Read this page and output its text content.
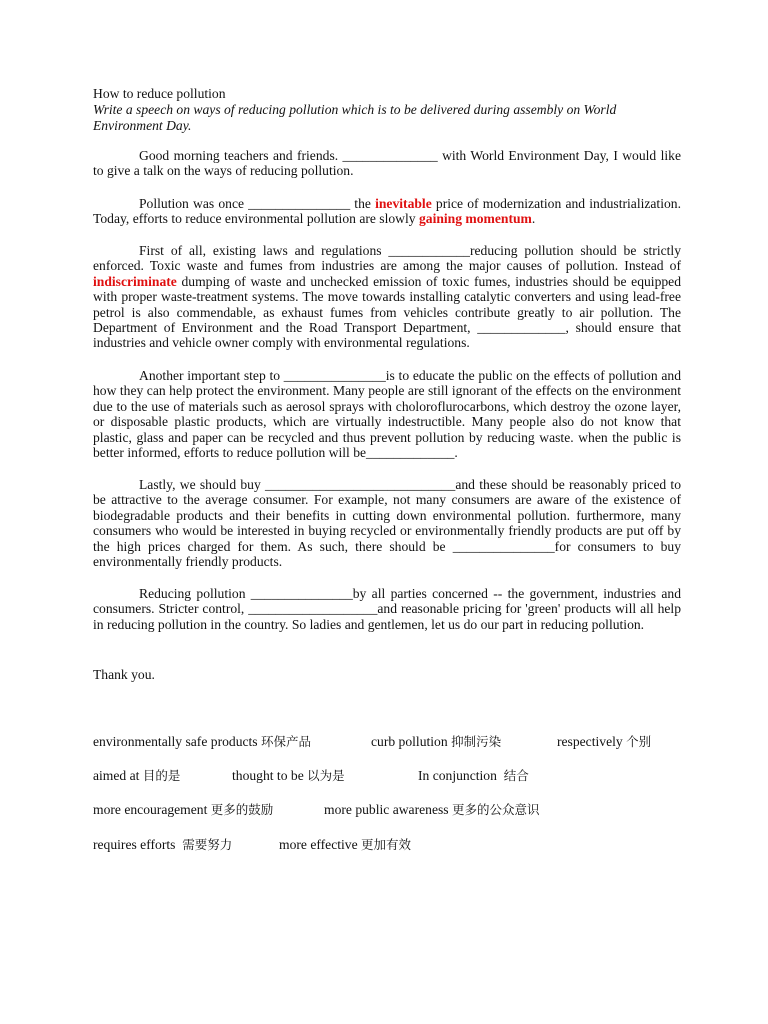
How to reduce pollution
Write a speech on ways of reducing pollution which is to be delivered during assembly on World Environment Day.
Good morning teachers and friends. ______________ with World Environment Day, I would like to give a talk on the ways of reducing pollution.
Pollution was once _______________ the inevitable price of modernization and industrialization. Today, efforts to reduce environmental pollution are slowly gaining momentum.
First of all, existing laws and regulations ____________reducing pollution should be strictly enforced. Toxic waste and fumes from industries are among the major causes of pollution. Instead of indiscriminate dumping of waste and unchecked emission of toxic fumes, industries should be equipped with proper waste-treatment systems. The move towards installing catalytic converters and using lead-free petrol is also commendable, as exhaust fumes from vehicles contribute greatly to air pollution. The Department of Environment and the Road Transport Department, _____________, should ensure that industries and vehicle owner comply with environmental regulations.
Another important step to _______________is to educate the public on the effects of pollution and how they can help protect the environment. Many people are still ignorant of the effects on the environment due to the use of materials such as aerosol sprays with choloroflurocarbons, which destroy the ozone layer, or disposable plastic products, which are virtually indestructible. Many people also do not know that plastic, glass and paper can be recycled and thus prevent pollution by reducing waste. when the public is better informed, efforts to reduce pollution will be_____________.
Lastly, we should buy ____________________________and these should be reasonably priced to be attractive to the average consumer. For example, not many consumers are aware of the existence of biodegradable products and their benefits in cutting down environmental pollution. furthermore, many consumers who would be interested in buying recycled or environmentally friendly products are put off by the high prices charged for them. As such, there should be _______________for consumers to buy environmentally friendly products.
Reducing pollution _______________by all parties concerned -- the government, industries and consumers. Stricter control, ___________________and reasonable pricing for 'green' products will all help in reducing pollution in the country. So ladies and gentlemen, let us do our part in reducing pollution.
Thank you.
environmentally safe products 环保产品	curb pollution 抑制污染	respectively 个别
aimed at 目的是	thought to be 以为是	In conjunction 结合
more encouragement 更多的鼓励	more public awareness 更多的公众意识
requires efforts 需要努力	more effective 更加有效
